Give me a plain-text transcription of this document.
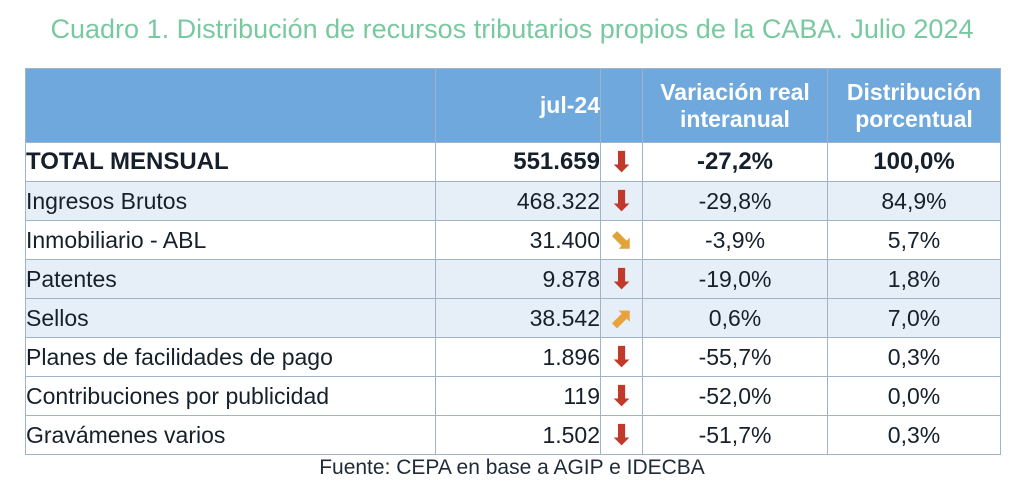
Cuadro 1. Distribución de recursos tributarios propios de la CABA. Julio 2024
	jul-24		Variación real interanual	Distribución porcentual
TOTAL MENSUAL	551.659	⬇	-27,2%	100,0%
Ingresos Brutos	468.322	⬇	-29,8%	84,9%
Inmobiliario - ABL	31.400	⬊	-3,9%	5,7%
Patentes	9.878	⬇	-19,0%	1,8%
Sellos	38.542	⬈	0,6%	7,0%
Planes de facilidades de pago	1.896	⬇	-55,7%	0,3%
Contribuciones por publicidad	119	⬇	-52,0%	0,0%
Gravámenes varios	1.502	⬇	-51,7%	0,3%
Fuente: CEPA en base a AGIP e IDECBA
